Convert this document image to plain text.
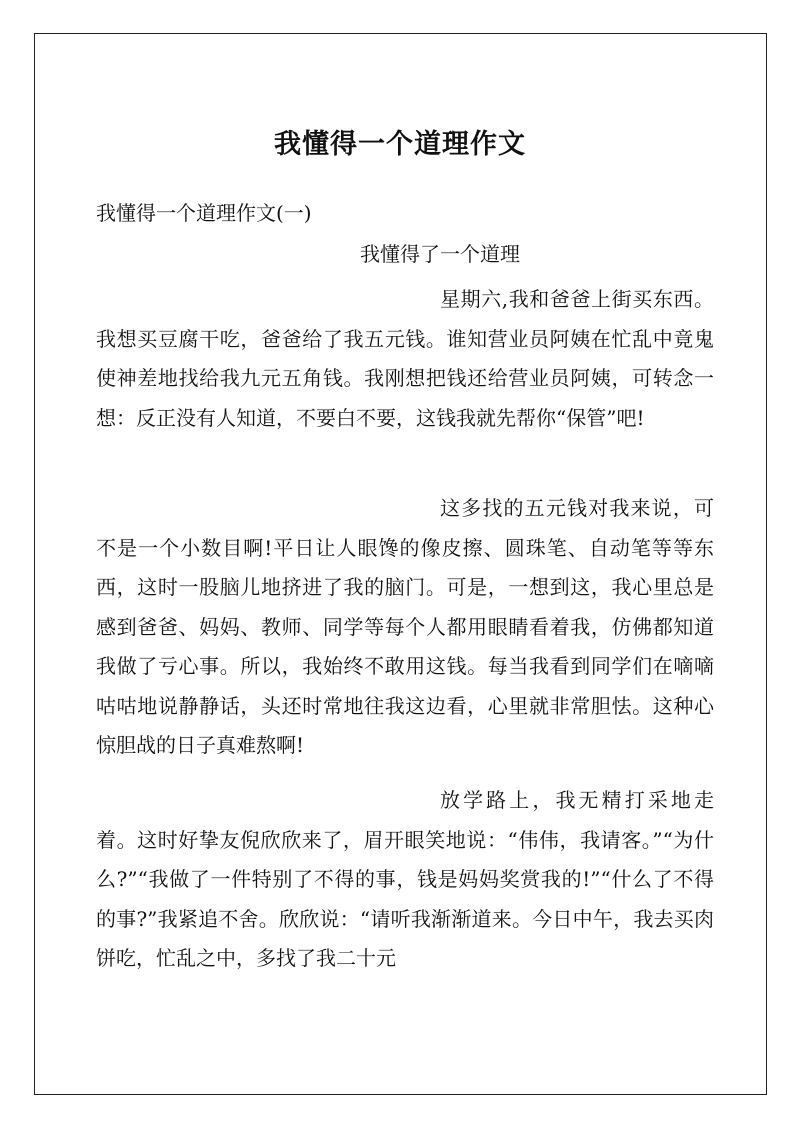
我懂得一个道理作文

我懂得一个道理作文(一)

我懂得了一个道理

星期六,我和爸爸上街买东西。我想买豆腐干吃，爸爸给了我五元钱。谁知营业员阿姨在忙乱中竟鬼使神差地找给我九元五角钱。我刚想把钱还给营业员阿姨，可转念一想：反正没有人知道，不要白不要，这钱我就先帮你“保管”吧!

这多找的五元钱对我来说，可不是一个小数目啊!平日让人眼馋的像皮擦、圆珠笔、自动笔等等东西，这时一股脑儿地挤进了我的脑门。可是，一想到这，我心里总是感到爸爸、妈妈、教师、同学等每个人都用眼睛看着我，仿佛都知道我做了亏心事。所以，我始终不敢用这钱。每当我看到同学们在嘀嘀咕咕地说静静话，头还时常地往我这边看，心里就非常胆怯。这种心惊胆战的日子真难熬啊!

放学路上，我无精打采地走着。这时好挚友倪欣欣来了，眉开眼笑地说：“伟伟，我请客。”“为什么?”“我做了一件特别了不得的事，钱是妈妈奖赏我的!”“什么了不得的事?”我紧追不舍。欣欣说：“请听我渐渐道来。今日中午，我去买肉饼吃，忙乱之中，多找了我二十元
